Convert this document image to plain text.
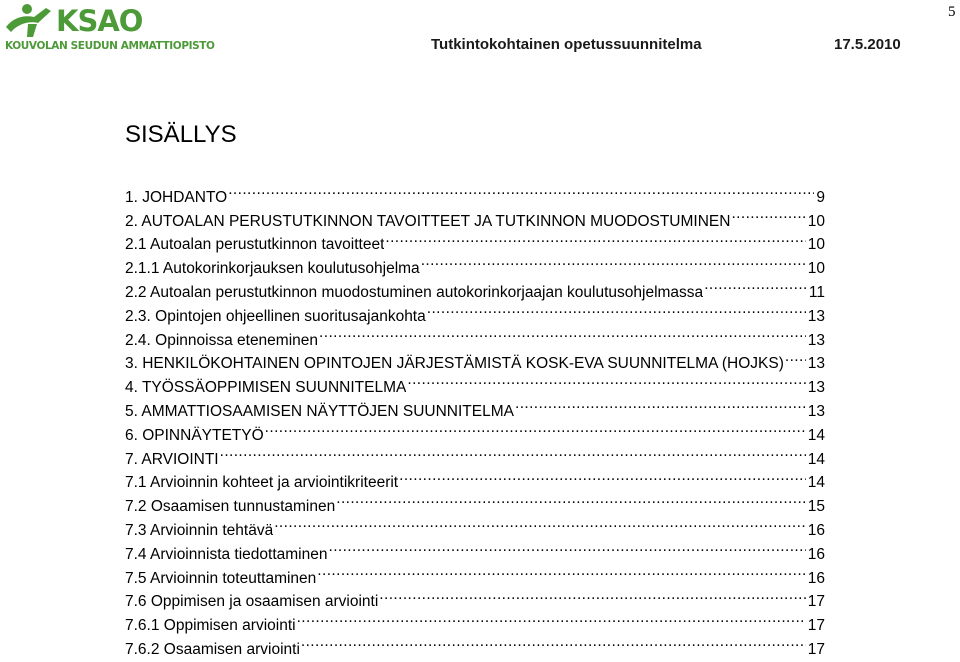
KSAO
KOUVOLAN SEUDUN AMMATTIOPISTO	Tutkintokohtainen opetussuunnitelma	17.5.2010
5
SISÄLLYS
1. JOHDANTO .....	9
2. AUTOALAN PERUSTUTKINNON TAVOITTEET JA TUTKINNON MUODOSTUMINEN .....	10
2.1 Autoalan perustutkinnon tavoitteet .....	10
2.1.1 Autokorinkorjauksen koulutusohjelma .....	10
2.2 Autoalan perustutkinnon muodostuminen autokorinkorjaajan koulutusohjelmassa .....	11
2.3. Opintojen ohjeellinen suoritusajankohta .....	13
2.4. Opinnoissa eteneminen .....	13
3. HENKILÖKOHTAINEN OPINTOJEN JÄRJESTÄMISTÄ KOSK-EVA SUUNNITELMA (HOJKS) ..... 13
4. TYÖSSÄOPPIMISEN SUUNNITELMA .....	13
5. AMMATTIOSAAMISEN NÄYTTÖJEN SUUNNITELMA .....	13
6. OPINNÄYTETYÖ .....	14
7. ARVIOINTI .....	14
7.1 Arvioinnin kohteet ja arviointikriteerit .....	14
7.2 Osaamisen tunnustaminen .....	15
7.3 Arvioinnin tehtävä .....	16
7.4 Arvioinnista tiedottaminen .....	16
7.5 Arvioinnin toteuttaminen .....	16
7.6 Oppimisen ja osaamisen arviointi .....	17
7.6.1 Oppimisen arviointi .....	17
7.6.2 Osaamisen arviointi .....	17
